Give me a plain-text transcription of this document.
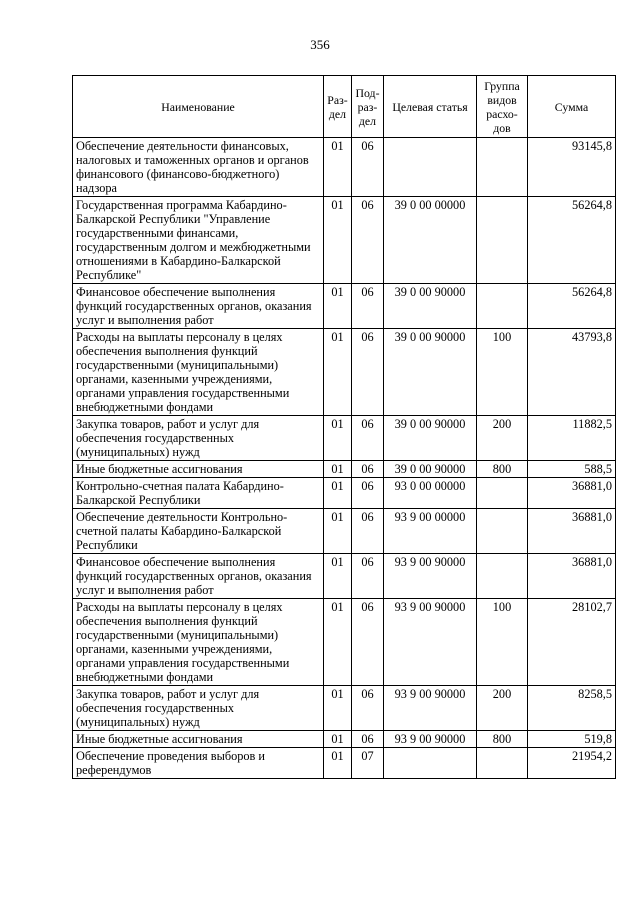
356
Наименование	Раз-дел	Под-раз-дел	Целевая статья	Группа видов расхо-дов	Сумма
Обеспечение деятельности финансовых, налоговых и таможенных органов и органов финансового (финансово-бюджетного) надзора	01	06			93145,8
Государственная программа Кабардино-Балкарской Республики "Управление государственными финансами, государственным долгом и межбюджетными отношениями в Кабардино-Балкарской Республике"	01	06	39 0 00 00000		56264,8
Финансовое обеспечение выполнения функций государственных органов, оказания услуг и выполнения работ	01	06	39 0 00 90000		56264,8
Расходы на выплаты персоналу в целях обеспечения выполнения функций государственными (муниципальными) органами, казенными учреждениями, органами управления государственными внебюджетными фондами	01	06	39 0 00 90000	100	43793,8
Закупка товаров, работ и услуг для обеспечения государственных (муниципальных) нужд	01	06	39 0 00 90000	200	11882,5
Иные бюджетные ассигнования	01	06	39 0 00 90000	800	588,5
Контрольно-счетная палата Кабардино-Балкарской Республики	01	06	93 0 00 00000		36881,0
Обеспечение деятельности Контрольно-счетной палаты Кабардино-Балкарской Республики	01	06	93 9 00 00000		36881,0
Финансовое обеспечение выполнения функций государственных органов, оказания услуг и выполнения работ	01	06	93 9 00 90000		36881,0
Расходы на выплаты персоналу в целях обеспечения выполнения функций государственными (муниципальными) органами, казенными учреждениями, органами управления государственными внебюджетными фондами	01	06	93 9 00 90000	100	28102,7
Закупка товаров, работ и услуг для обеспечения государственных (муниципальных) нужд	01	06	93 9 00 90000	200	8258,5
Иные бюджетные ассигнования	01	06	93 9 00 90000	800	519,8
Обеспечение проведения выборов и референдумов	01	07			21954,2
